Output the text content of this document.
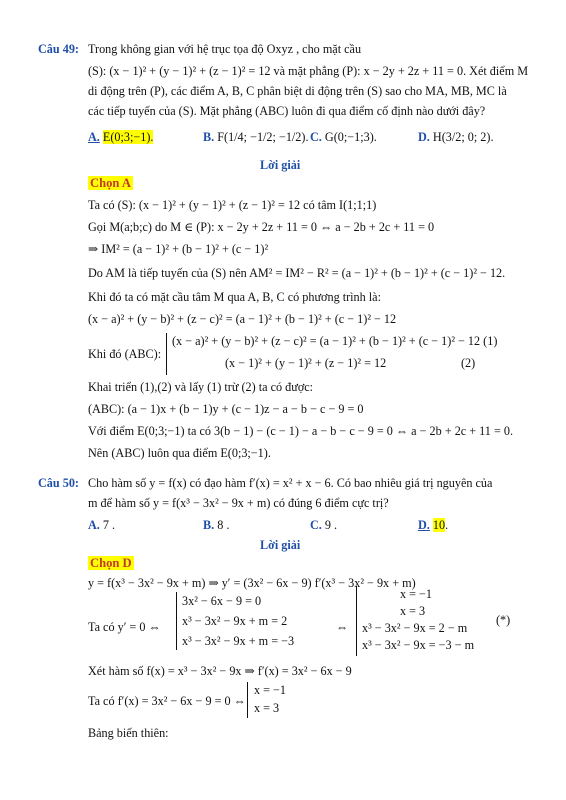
Câu 49: Trong không gian với hệ trục tọa độ Oxyz , cho mặt cầu
(S): (x − 1)² + (y − 1)² + (z − 1)² = 12 và mặt phẳng (P): x − 2y + 2z + 11 = 0. Xét điểm M
di động trên (P), các điểm A, B, C phân biệt di động trên (S) sao cho MA, MB, MC là
các tiếp tuyến của (S). Mặt phẳng (ABC) luôn đi qua điểm cố định nào dưới đây?
A. E(0;3;−1).	B. F(1/4; −1/2; −1/2). C. G(0;−1;3).	D. H(3/2; 0; 2).
Lời giải
Chọn A
Ta có (S): (x − 1)² + (y − 1)² + (z − 1)² = 12 có tâm I(1;1;1)
Gọi M(a;b;c) do M ∈ (P): x − 2y + 2z + 11 = 0 ⇔ a − 2b + 2c + 11 = 0
⇒ IM² = (a − 1)² + (b − 1)² + (c − 1)²
Do AM là tiếp tuyến của (S) nên AM² = IM² − R² = (a − 1)² + (b − 1)² + (c − 1)² − 12.
Khi đó ta có mặt cầu tâm M qua A, B, C có phương trình là:
(x − a)² + (y − b)² + (z − c)² = (a − 1)² + (b − 1)² + (c − 1)² − 12
Khi đó (ABC):
(x − a)² + (y − b)² + (z − c)² = (a − 1)² + (b − 1)² + (c − 1)² − 12 (1)
(x − 1)² + (y − 1)² + (z − 1)² = 12	(2)
Khai triển (1),(2) và lấy (1) trừ (2) ta có được:
(ABC): (a − 1)x + (b − 1)y + (c − 1)z − a − b − c − 9 = 0
Với điểm E(0;3;−1) ta có 3(b − 1) − (c − 1) − a − b − c − 9 = 0 ⇔ a − 2b + 2c + 11 = 0.
Nên (ABC) luôn qua điểm E(0;3;−1).
Câu 50: Cho hàm số y = f(x) có đạo hàm f′(x) = x² + x − 6. Có bao nhiêu giá trị nguyên của
m để hàm số y = f(x³ − 3x² − 9x + m) có đúng 6 điểm cực trị?
A. 7 .	B. 8 .	C. 9 .	D. 10.
Lời giải
Chọn D
y = f(x³ − 3x² − 9x + m) ⇒ y′ = (3x² − 6x − 9) f′(x³ − 3x² − 9x + m)
Ta có y′ = 0 ⇔
3x² − 6x − 9 = 0
x³ − 3x² − 9x + m = 2
x³ − 3x² − 9x + m = −3
⇔
x = −1
x = 3
x³ − 3x² − 9x = 2 − m
x³ − 3x² − 9x = −3 − m
(*)
Xét hàm số f(x) = x³ − 3x² − 9x ⇒ f′(x) = 3x² − 6x − 9
Ta có f′(x) = 3x² − 6x − 9 = 0 ⇔
x = −1
x = 3
Bảng biến thiên:
